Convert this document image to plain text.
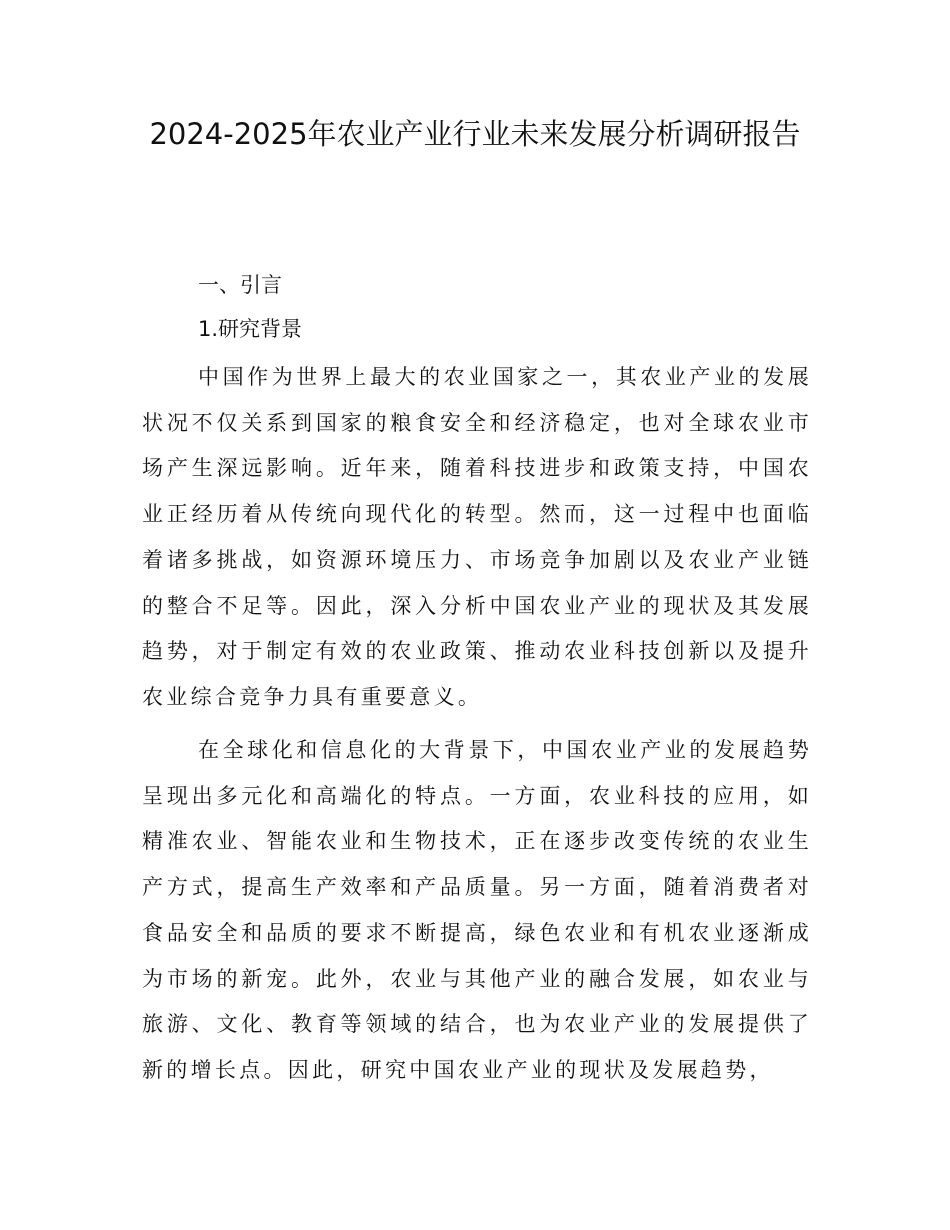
2024-2025年农业产业行业未来发展分析调研报告
一、引言
1.研究背景

中国作为世界上最大的农业国家之一，其农业产业的发展状况不仅关系到国家的粮食安全和经济稳定，也对全球农业市场产生深远影响。近年来，随着科技进步和政策支持，中国农业正经历着从传统向现代化的转型。然而，这一过程中也面临着诸多挑战，如资源环境压力、市场竞争加剧以及农业产业链的整合不足等。因此，深入分析中国农业产业的现状及其发展趋势，对于制定有效的农业政策、推动农业科技创新以及提升农业综合竞争力具有重要意义。

在全球化和信息化的大背景下，中国农业产业的发展趋势呈现出多元化和高端化的特点。一方面，农业科技的应用，如精准农业、智能农业和生物技术，正在逐步改变传统的农业生产方式，提高生产效率和产品质量。另一方面，随着消费者对食品安全和品质的要求不断提高，绿色农业和有机农业逐渐成为市场的新宠。此外，农业与其他产业的融合发展，如农业与旅游、文化、教育等领域的结合，也为农业产业的发展提供了新的增长点。因此，研究中国农业产业的现状及发展趋势，
